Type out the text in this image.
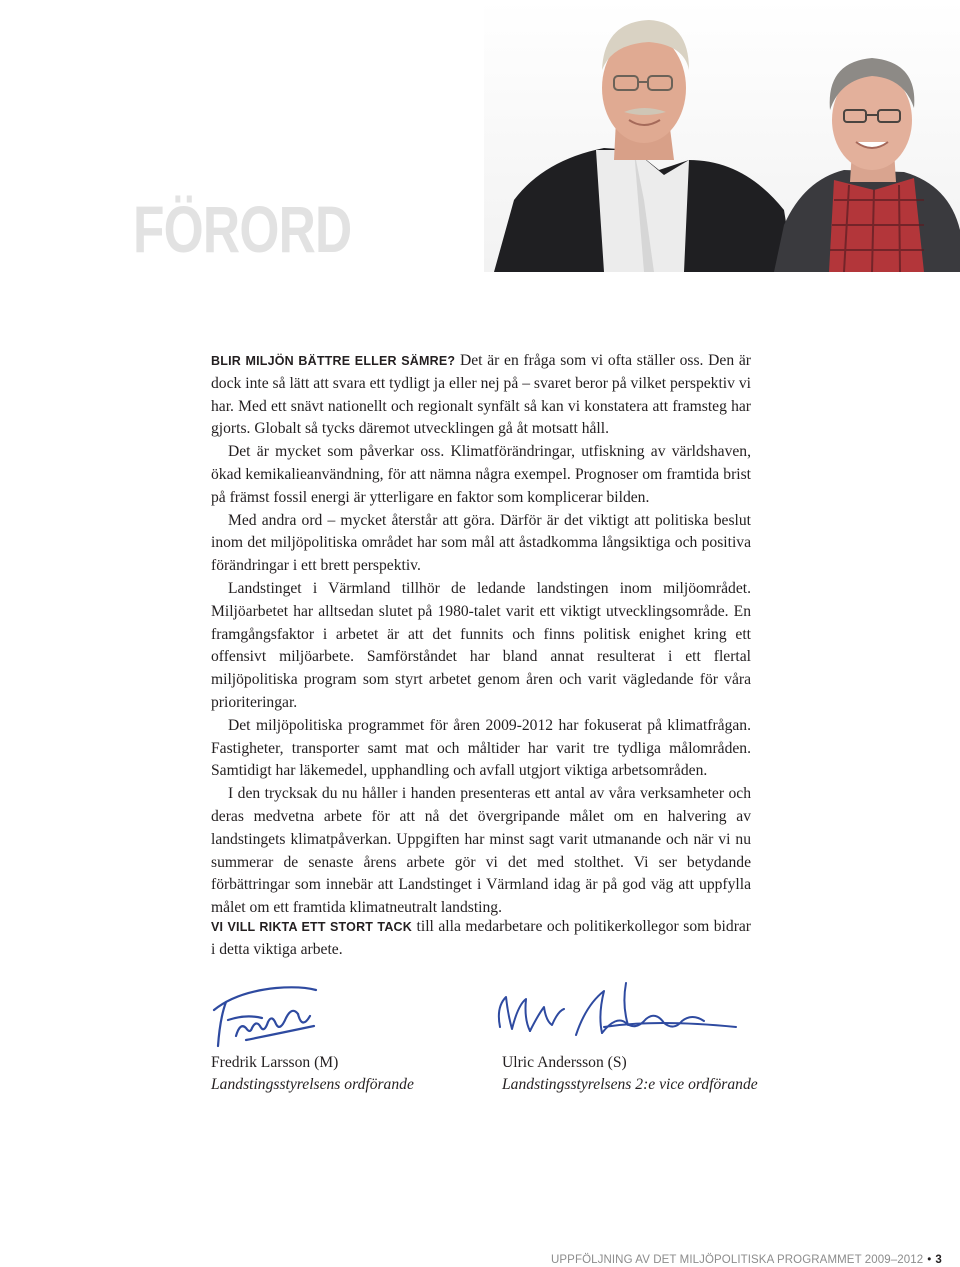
FÖRORD

BLIR MILJÖN BÄTTRE ELLER SÄMRE? Det är en fråga som vi ofta ställer oss. Den är dock inte så lätt att svara ett tydligt ja eller nej på – svaret beror på vilket perspektiv vi har. Med ett snävt nationellt och regionalt synfält så kan vi konstatera att framsteg har gjorts. Globalt så tycks däremot utvecklingen gå åt motsatt håll.

Det är mycket som påverkar oss. Klimatförändringar, utfiskning av världshaven, ökad kemikalieanvändning, för att nämna några exempel. Prognoser om framtida brist på främst fossil energi är ytterligare en faktor som komplicerar bilden.

Med andra ord – mycket återstår att göra. Därför är det viktigt att politiska beslut inom det miljöpolitiska området har som mål att åstadkomma långsiktiga och positiva förändringar i ett brett perspektiv.

Landstinget i Värmland tillhör de ledande landstingen inom miljöområdet. Miljöarbetet har alltsedan slutet på 1980-talet varit ett viktigt utvecklingsområde. En framgångsfaktor i arbetet är att det funnits och finns politisk enighet kring ett offensivt miljöarbete. Samförståndet har bland annat resulterat i ett flertal miljöpolitiska program som styrt arbetet genom åren och varit vägledande för våra prioriteringar.

Det miljöpolitiska programmet för åren 2009-2012 har fokuserat på klimatfrågan. Fastigheter, transporter samt mat och måltider har varit tre tydliga målområden. Samtidigt har läkemedel, upphandling och avfall utgjort viktiga arbetsområden.

I den trycksak du nu håller i handen presenteras ett antal av våra verksamheter och deras medvetna arbete för att nå det övergripande målet om en halvering av landstingets klimatpåverkan. Uppgiften har minst sagt varit utmanande och när vi nu summerar de senaste årens arbete gör vi det med stolthet. Vi ser betydande förbättringar som innebär att Landstinget i Värmland idag är på god väg att uppfylla målet om ett framtida klimatneutralt landsting.

VI VILL RIKTA ETT STORT TACK till alla medarbetare och politikerkollegor som bidrar i detta viktiga arbete.

Fredrik Larsson (M)

Landstingsstyrelsens ordförande

Ulric Andersson (S)

Landstingsstyrelsens 2:e vice ordförande

UPPFÖLJNING AV DET MILJÖPOLITISKA PROGRAMMET 2009–2012 • 3
